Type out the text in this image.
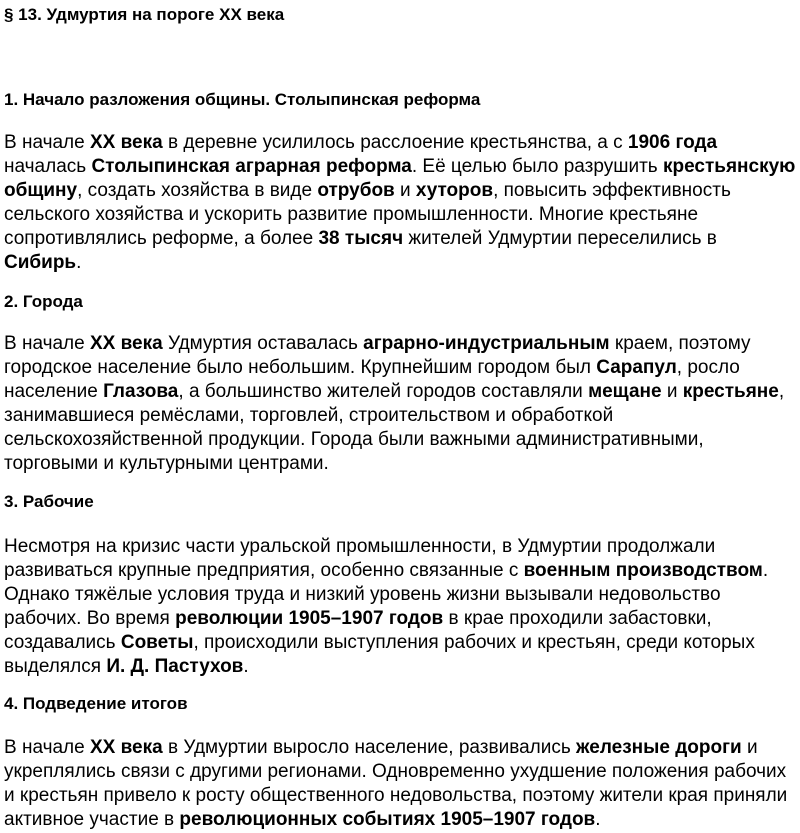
§ 13. Удмуртия на пороге XX века
1. Начало разложения общины. Столыпинская реформа

В начале XX века в деревне усилилось расслоение крестьянства, а с 1906 года началась Столыпинская аграрная реформа. Её целью было разрушить крестьянскую общину, создать хозяйства в виде отрубов и хуторов, повысить эффективность сельского хозяйства и ускорить развитие промышленности. Многие крестьяне сопротивлялись реформе, а более 38 тысяч жителей Удмуртии переселились в Сибирь.

2. Города

В начале XX века Удмуртия оставалась аграрно-индустриальным краем, поэтому городское население было небольшим. Крупнейшим городом был Сарапул, росло население Глазова, а большинство жителей городов составляли мещане и крестьяне, занимавшиеся ремёслами, торговлей, строительством и обработкой сельскохозяйственной продукции. Города были важными административными, торговыми и культурными центрами.

3. Рабочие

Несмотря на кризис части уральской промышленности, в Удмуртии продолжали развиваться крупные предприятия, особенно связанные с военным производством. Однако тяжёлые условия труда и низкий уровень жизни вызывали недовольство рабочих. Во время революции 1905–1907 годов в крае проходили забастовки, создавались Советы, происходили выступления рабочих и крестьян, среди которых выделялся И. Д. Пастухов.

4. Подведение итогов

В начале XX века в Удмуртии выросло население, развивались железные дороги и укреплялись связи с другими регионами. Одновременно ухудшение положения рабочих и крестьян привело к росту общественного недовольства, поэтому жители края приняли активное участие в революционных событиях 1905–1907 годов.
